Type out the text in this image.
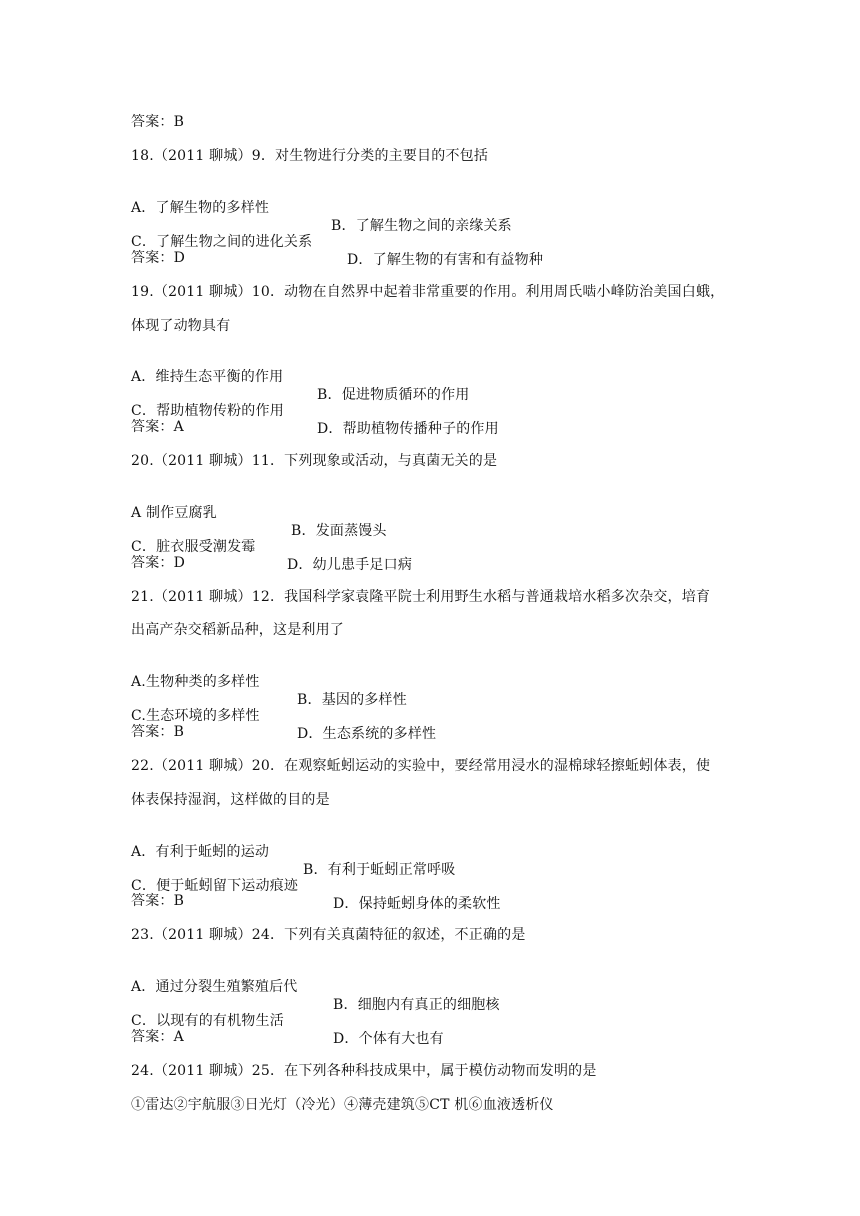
答案：B
18.（2011 聊城）9．对生物进行分类的主要目的不包括

A．了解生物的多样性

B．了解生物之间的亲缘关系

C．了解生物之间的进化关系

D．了解生物的有害和有益物种

答案：D
19.（2011 聊城）10．动物在自然界中起着非常重要的作用。利用周氏啮小峰防治美国白蛾，
体现了动物具有

A．维持生态平衡的作用

B．促进物质循环的作用

C．帮助植物传粉的作用

D．帮助植物传播种子的作用

答案：A
20.（2011 聊城）11．下列现象或活动，与真菌无关的是

A 制作豆腐乳

B．发面蒸馒头

C．脏衣服受潮发霉

D．幼儿患手足口病

答案：D
21.（2011 聊城）12．我国科学家袁隆平院士利用野生水稻与普通栽培水稻多次杂交，培育
出高产杂交稻新品种，这是利用了

A.生物种类的多样性

B．基因的多样性

C.生态环境的多样性

D．生态系统的多样性

答案：B
22.（2011 聊城）20．在观察蚯蚓运动的实验中，要经常用浸水的湿棉球轻擦蚯蚓体表，使
体表保持湿润，这样做的目的是

A．有利于蚯蚓的运动

B．有利于蚯蚓正常呼吸

C．便于蚯蚓留下运动痕迹

D．保持蚯蚓身体的柔软性

答案：B
23.（2011 聊城）24．下列有关真菌特征的叙述，不正确的是

A．通过分裂生殖繁殖后代

B．细胞内有真正的细胞核

C．以现有的有机物生活

D．个体有大也有

答案：A
24.（2011 聊城）25．在下列各种科技成果中，属于模仿动物而发明的是
①雷达②宇航服③日光灯（冷光）④薄壳建筑⑤CT 机⑥血液透析仪
